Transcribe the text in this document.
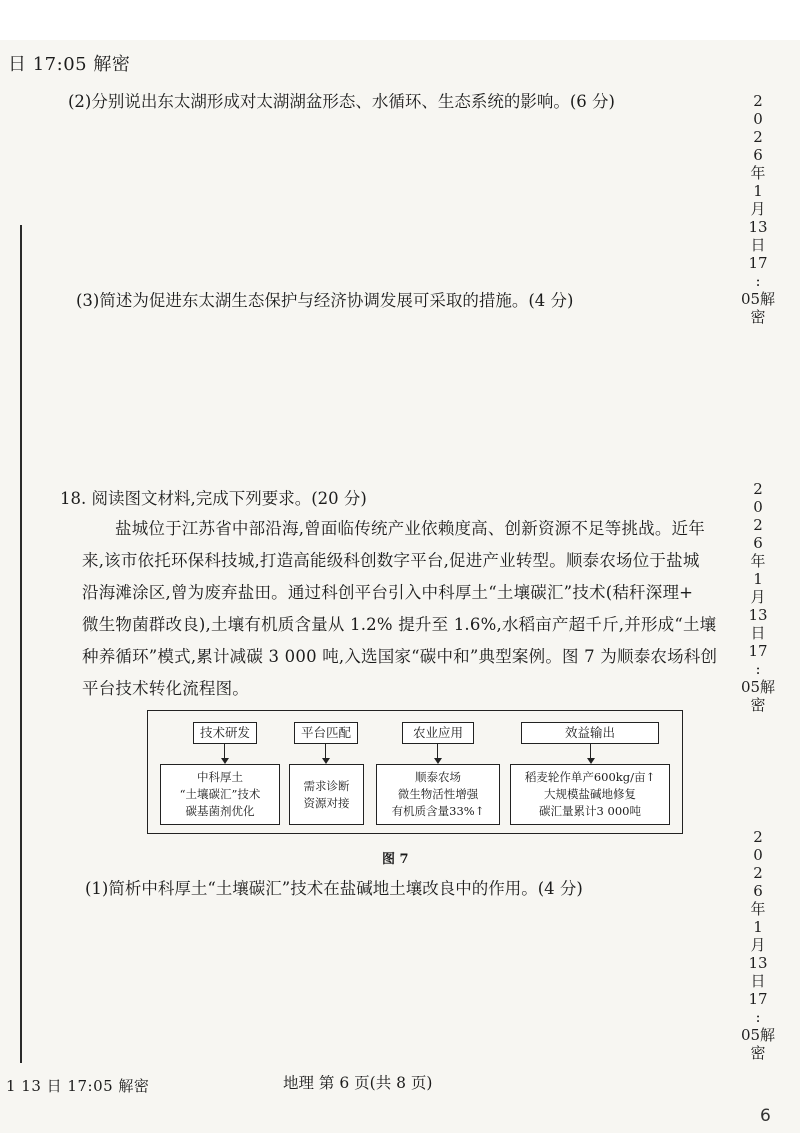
日 17:05 解密
(2)分别说出东太湖形成对太湖湖盆形态、水循环、生态系统的影响。(6 分)
(3)简述为促进东太湖生态保护与经济协调发展可采取的措施。(4 分)
18. 阅读图文材料,完成下列要求。(20 分)
盐城位于江苏省中部沿海,曾面临传统产业依赖度高、创新资源不足等挑战。近年
来,该市依托环保科技城,打造高能级科创数字平台,促进产业转型。顺泰农场位于盐城
沿海滩涂区,曾为废弃盐田。通过科创平台引入中科厚土“土壤碳汇”技术(秸秆深理+
微生物菌群改良),土壤有机质含量从 1.2% 提升至 1.6%,水稻亩产超千斤,并形成“土壤
种养循环”模式,累计减碳 3 000 吨,入选国家“碳中和”典型案例。图 7 为顺泰农场科创
平台技术转化流程图。
技术研发
中科厚土
“土壤碳汇”技术
碳基菌剂优化
平台匹配
需求诊断
资源对接
农业应用
顺泰农场
微生物活性增强
有机质含量33%↑
效益输出
稻麦轮作单产600kg/亩↑
大规模盐碱地修复
碳汇量累计3 000吨
图 7
(1)简析中科厚土“土壤碳汇”技术在盐碱地土壤改良中的作用。(4 分)
2
0
2
6
年
1
月
13
日
17
:
05解
密
2
0
2
6
年
1
月
13
日
17
:
05解
密
2
0
2
6
年
1
月
13
日
17
:
05解
密
1 13 日 17:05 解密	地理 第 6 页(共 8 页)
6
